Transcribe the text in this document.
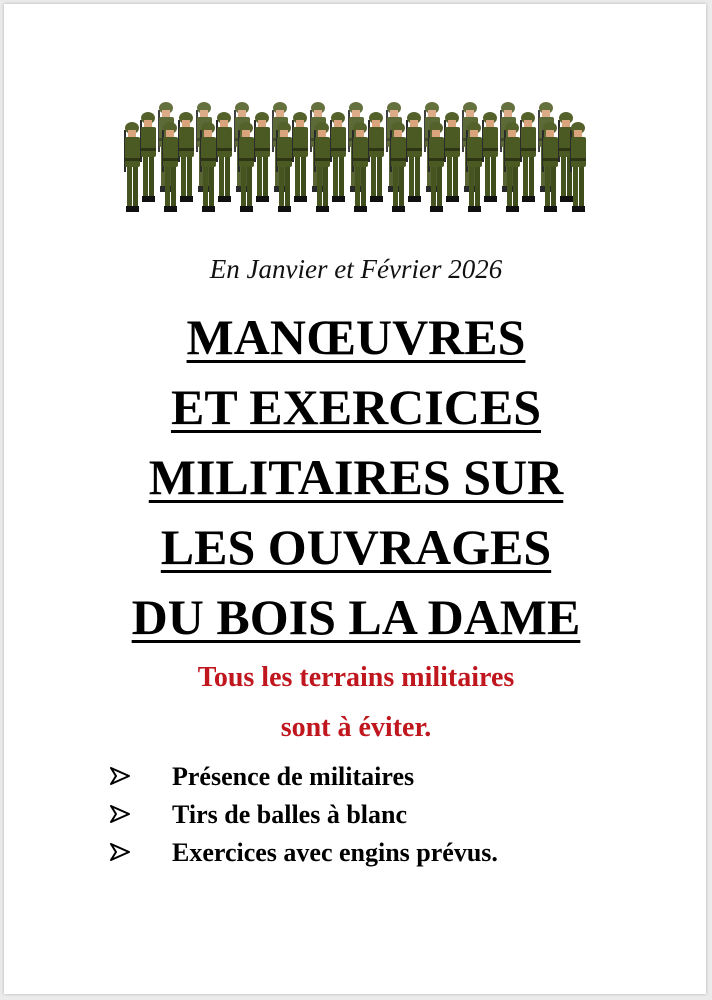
En Janvier et Février 2026
MANŒUVRES
ET EXERCICES
MILITAIRES SUR
LES OUVRAGES
DU BOIS LA DAME
Tous les terrains militaires
sont à éviter.
Présence de militaires
Tirs de balles à blanc
Exercices avec engins prévus.
